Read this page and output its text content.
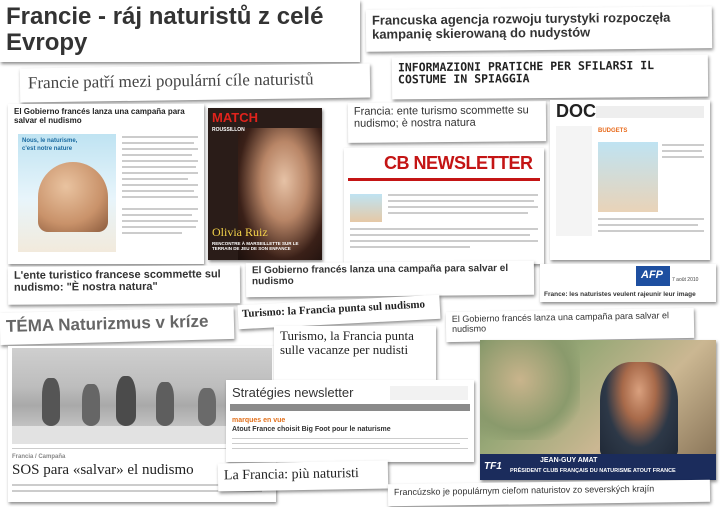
Francie - ráj naturistů z celé Evropy
Francuska agencja rozwoju turystyki rozpoczęła kampanię skierowaną do nudystów
Francie patří mezi populární cíle naturistů
INFORMAZIONI PRATICHE PER SFILARSI IL COSTUME IN SPIAGGIA
El Gobierno francés lanza una campaña para salvar el nudismo
Nous, le naturisme,
c'est notre nature
MATCH
ROUSSILLON
Olivia Ruiz
RENCONTRE À MARSEILLETTE SUR LE TERRAIN DE JEU DE SON ENFANCE
Francia: ente turismo scommette su nudismo; è nostra natura
CB NEWSLETTER
DOC
BUDGETS
L'ente turistico francese scommette sul nudismo: "È nostra natura"
El Gobierno francés lanza una campaña para salvar el nudismo
AFP 7 août 2010
France: les naturistes veulent rajeunir leur image
TÉMA Naturizmus v kríze
Turismo: la Francia punta sul nudismo	El Gobierno francés lanza una campaña para salvar el nudismo
Francia / Campaña
SOS para «salvar» el nudismo
Turismo, la Francia punta sulle vacanze per nudisti
Stratégies newsletter
marques en vue
Atout France choisit Big Foot pour le naturisme
TF1
JEAN-GUY AMAT
PRÉSIDENT CLUB FRANÇAIS DU NATURISME ATOUT FRANCE
La Francia: più naturisti
Francúzsko je populárnym cieľom naturistov zo severských krajín
